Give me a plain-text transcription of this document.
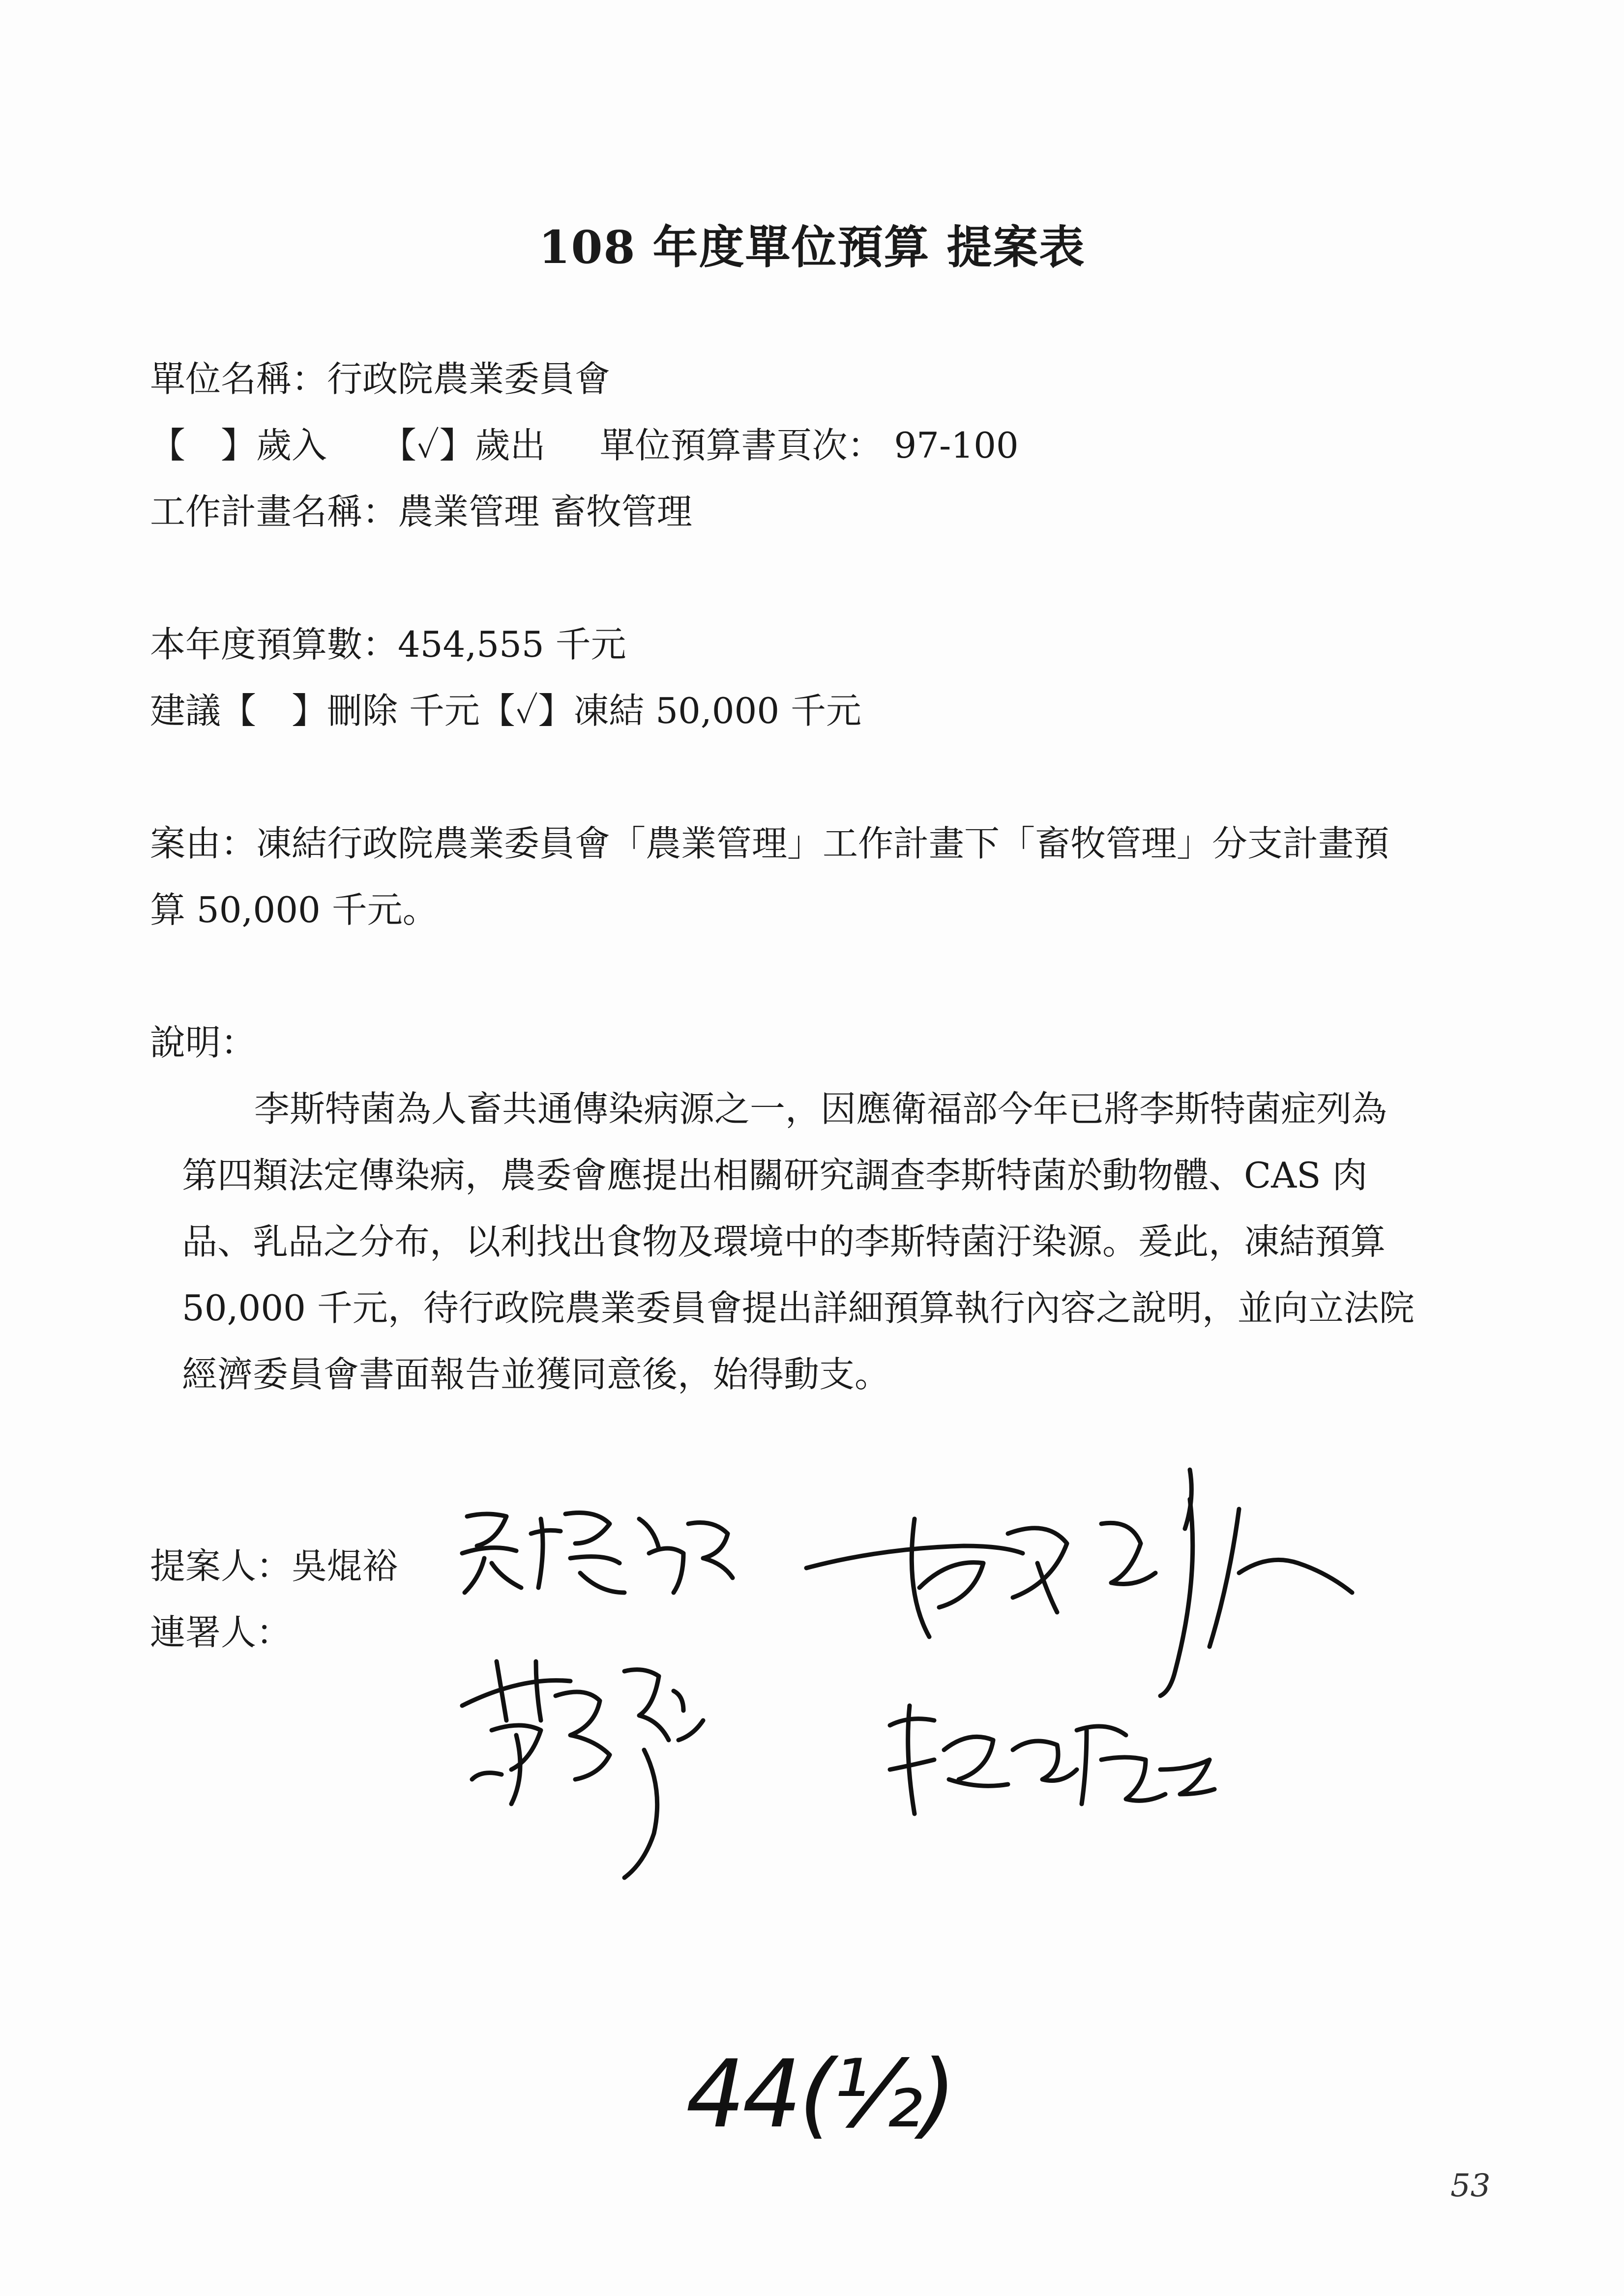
108 年度單位預算 提案表
單位名稱：行政院農業委員會
【　】歲入 【✓】歲出 單位預算書頁次： 97-100
工作計畫名稱：農業管理 畜牧管理
本年度預算數：454,555 千元
建議【　】刪除 千元【✓】凍結 50,000 千元
案由：凍結行政院農業委員會「農業管理」工作計畫下「畜牧管理」分支計畫預
算 50,000 千元。
說明：
李斯特菌為人畜共通傳染病源之一，因應衛福部今年已將李斯特菌症列為
第四類法定傳染病，農委會應提出相關研究調查李斯特菌於動物體、CAS 肉
品、乳品之分布，以利找出食物及環境中的李斯特菌汙染源。爰此，凍結預算
50,000 千元，待行政院農業委員會提出詳細預算執行內容之說明，並向立法院
經濟委員會書面報告並獲同意後，始得動支。
提案人：吳焜裕
連署人：
44(½)
53
